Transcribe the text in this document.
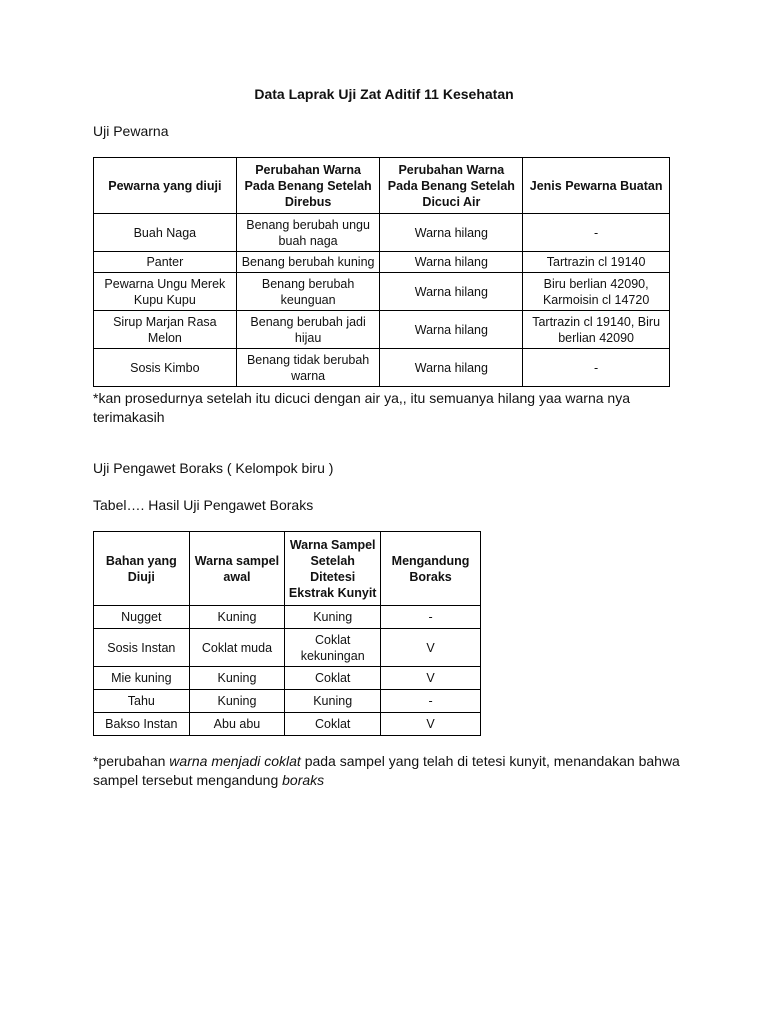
Data Laprak Uji Zat Aditif 11 Kesehatan
Uji Pewarna
Pewarna yang diuji	Perubahan Warna Pada Benang Setelah Direbus	Perubahan Warna Pada Benang Setelah Dicuci Air	Jenis Pewarna Buatan
Buah Naga	Benang berubah ungu buah naga	Warna hilang	-
Panter	Benang berubah kuning	Warna hilang	Tartrazin cl 19140
Pewarna Ungu Merek Kupu Kupu	Benang berubah keunguan	Warna hilang	Biru berlian 42090, Karmoisin cl 14720
Sirup Marjan Rasa Melon	Benang berubah jadi hijau	Warna hilang	Tartrazin cl 19140, Biru berlian 42090
Sosis Kimbo	Benang tidak berubah warna	Warna hilang	-
*kan prosedurnya setelah itu dicuci dengan air ya,, itu semuanya hilang yaa warna nya terimakasih
Uji Pengawet Boraks ( Kelompok biru )
Tabel…. Hasil Uji Pengawet Boraks
Bahan yang Diuji	Warna sampel awal	Warna Sampel Setelah Ditetesi Ekstrak Kunyit	Mengandung Boraks
Nugget	Kuning	Kuning	-
Sosis Instan	Coklat muda	Coklat kekuningan	V
Mie kuning	Kuning	Coklat	V
Tahu	Kuning	Kuning	-
Bakso Instan	Abu abu	Coklat	V
*perubahan warna menjadi coklat pada sampel yang telah di tetesi kunyit, menandakan bahwa sampel tersebut mengandung boraks
